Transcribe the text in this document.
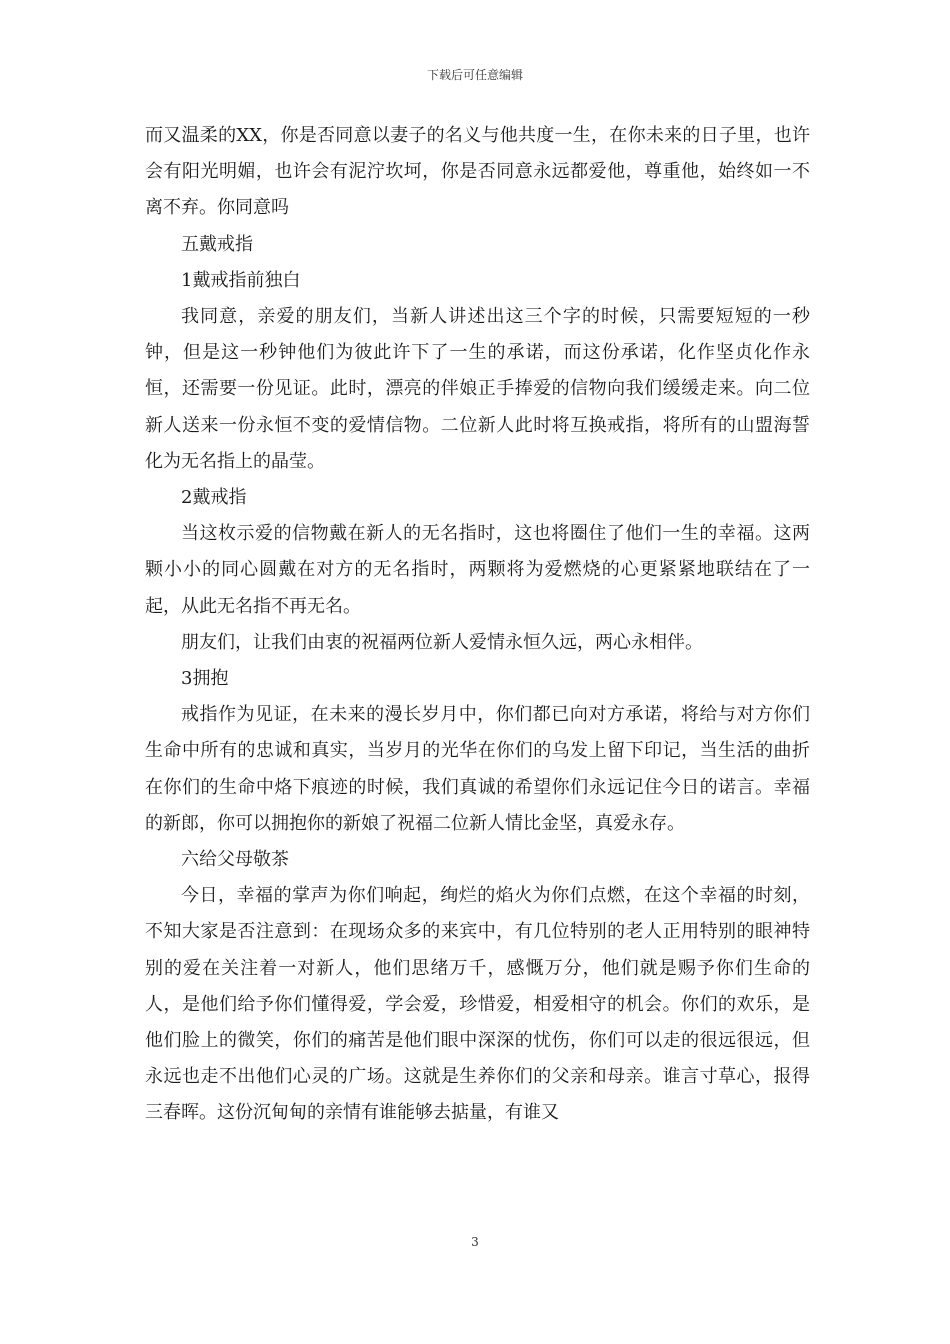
下载后可任意编辑

而又温柔的XX，你是否同意以妻子的名义与他共度一生，在你未来的日子里，也许会有阳光明媚，也许会有泥泞坎坷，你是否同意永远都爱他，尊重他，始终如一不离不弃。你同意吗

五戴戒指

1戴戒指前独白

我同意，亲爱的朋友们，当新人讲述出这三个字的时候，只需要短短的一秒钟，但是这一秒钟他们为彼此许下了一生的承诺，而这份承诺，化作坚贞化作永恒，还需要一份见证。此时，漂亮的伴娘正手捧爱的信物向我们缓缓走来。向二位新人送来一份永恒不变的爱情信物。二位新人此时将互换戒指，将所有的山盟海誓化为无名指上的晶莹。

2戴戒指

当这枚示爱的信物戴在新人的无名指时，这也将圈住了他们一生的幸福。这两颗小小的同心圆戴在对方的无名指时，两颗将为爱燃烧的心更紧紧地联结在了一起，从此无名指不再无名。

朋友们，让我们由衷的祝福两位新人爱情永恒久远，两心永相伴。

3拥抱

戒指作为见证，在未来的漫长岁月中，你们都已向对方承诺，将给与对方你们生命中所有的忠诚和真实，当岁月的光华在你们的乌发上留下印记，当生活的曲折在你们的生命中烙下痕迹的时候，我们真诚的希望你们永远记住今日的诺言。幸福的新郎，你可以拥抱你的新娘了祝福二位新人情比金坚，真爱永存。

六给父母敬茶

今日，幸福的掌声为你们响起，绚烂的焰火为你们点燃，在这个幸福的时刻，不知大家是否注意到：在现场众多的来宾中，有几位特别的老人正用特别的眼神特别的爱在关注着一对新人，他们思绪万千，感慨万分，他们就是赐予你们生命的人，是他们给予你们懂得爱，学会爱，珍惜爱，相爱相守的机会。你们的欢乐，是他们脸上的微笑，你们的痛苦是他们眼中深深的忧伤，你们可以走的很远很远，但永远也走不出他们心灵的广场。这就是生养你们的父亲和母亲。谁言寸草心，报得三春晖。这份沉甸甸的亲情有谁能够去掂量，有谁又

3
